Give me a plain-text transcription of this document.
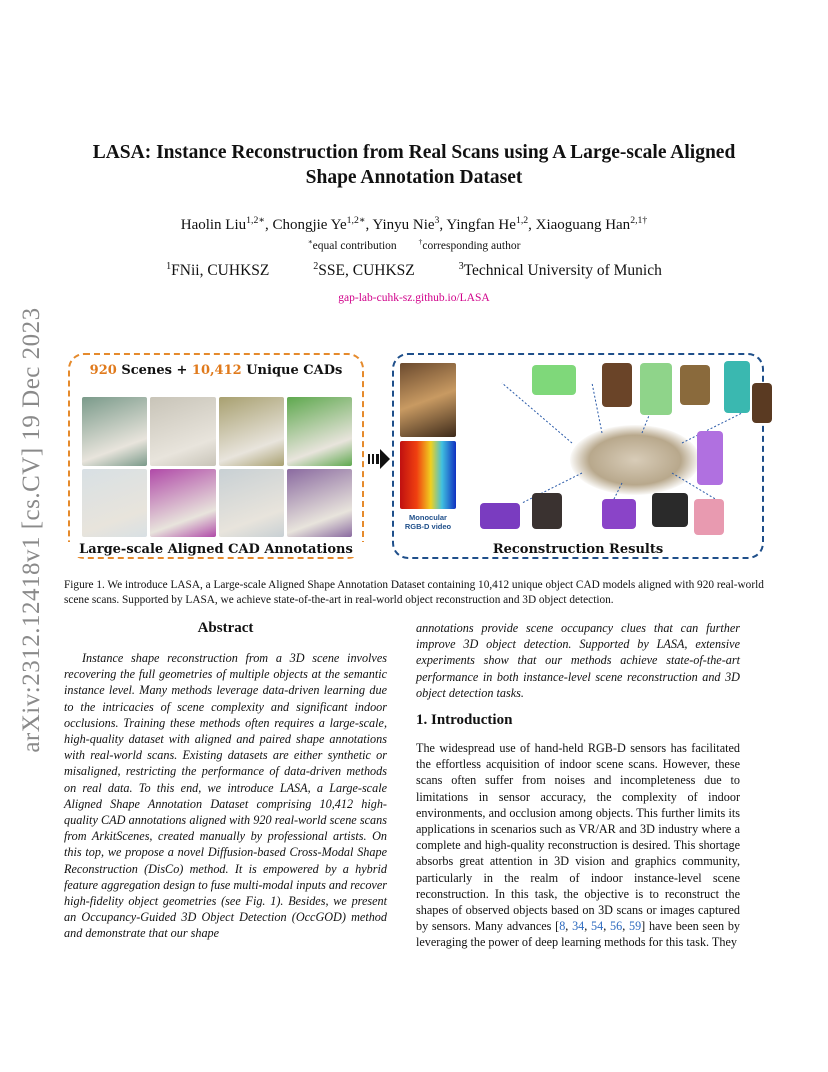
arXiv:2312.12418v1 [cs.CV] 19 Dec 2023
LASA: Instance Reconstruction from Real Scans using A Large-scale Aligned Shape Annotation Dataset
Haolin Liu$^{1,2∗}$, Chongjie $Ye^{1,2∗}$, Yinyu Nie$^3$, Yingfan He$^{1,2}$, Xiaoguang Han$^{2,1\dagger}$
∗equal contribution	†corresponding author
$^1$FNii, CUHKSZ	$^2$SSE, CUHKSZ	$^3$Technical University of Munich
gap-lab-cuhk-sz.github.io/LASA
920 Scenes + 10,412 Unique CADs
Large-scale Aligned CAD Annotations
Monocular
RGB-D video
Reconstruction Results
Figure 1. We introduce LASA, a Large-scale Aligned Shape Annotation Dataset containing 10,412 unique object CAD models aligned with 920 real-world scene scans. Supported by LASA, we achieve state-of-the-art in real-world object reconstruction and 3D object detection.
Abstract
Instance shape reconstruction from a 3D scene involves recovering the full geometries of multiple objects at the semantic instance level. Many methods leverage data-driven learning due to the intricacies of scene complexity and significant indoor occlusions. Training these methods often requires a large-scale, high-quality dataset with aligned and paired shape annotations with real-world scans. Existing datasets are either synthetic or misaligned, restricting the performance of data-driven methods on real data. To this end, we introduce LASA, a Large-scale Aligned Shape Annotation Dataset comprising 10,412 high-quality CAD annotations aligned with 920 real-world scene scans from ArkitScenes, created manually by professional artists. On this top, we propose a novel Diffusion-based Cross-Modal Shape Reconstruction (DisCo) method. It is empowered by a hybrid feature aggregation design to fuse multi-modal inputs and recover high-fidelity object geometries (see Fig. 1). Besides, we present an Occupancy-Guided 3D Object Detection (OccGOD) method and demonstrate that our shape
annotations provide scene occupancy clues that can further improve 3D object detection. Supported by LASA, extensive experiments show that our methods achieve state-of-the-art performance in both instance-level scene reconstruction and 3D object detection tasks.
1. Introduction
The widespread use of hand-held RGB-D sensors has facilitated the effortless acquisition of indoor scene scans. However, these scans often suffer from noises and incompleteness due to limitations in sensor accuracy, the complexity of indoor environments, and occlusion among objects. This further limits its applications in scenarios such as VR/AR and 3D industry where a complete and high-quality reconstruction is desired. This shortage absorbs great attention in 3D vision and graphics community, particularly in the realm of indoor instance-level scene reconstruction. In this task, the objective is to reconstruct the shapes of observed objects based on 3D scans or images captured by sensors. Many advances [8, 34, 54, 56, 59] have been seen by leveraging the power of deep learning methods for this task. They
